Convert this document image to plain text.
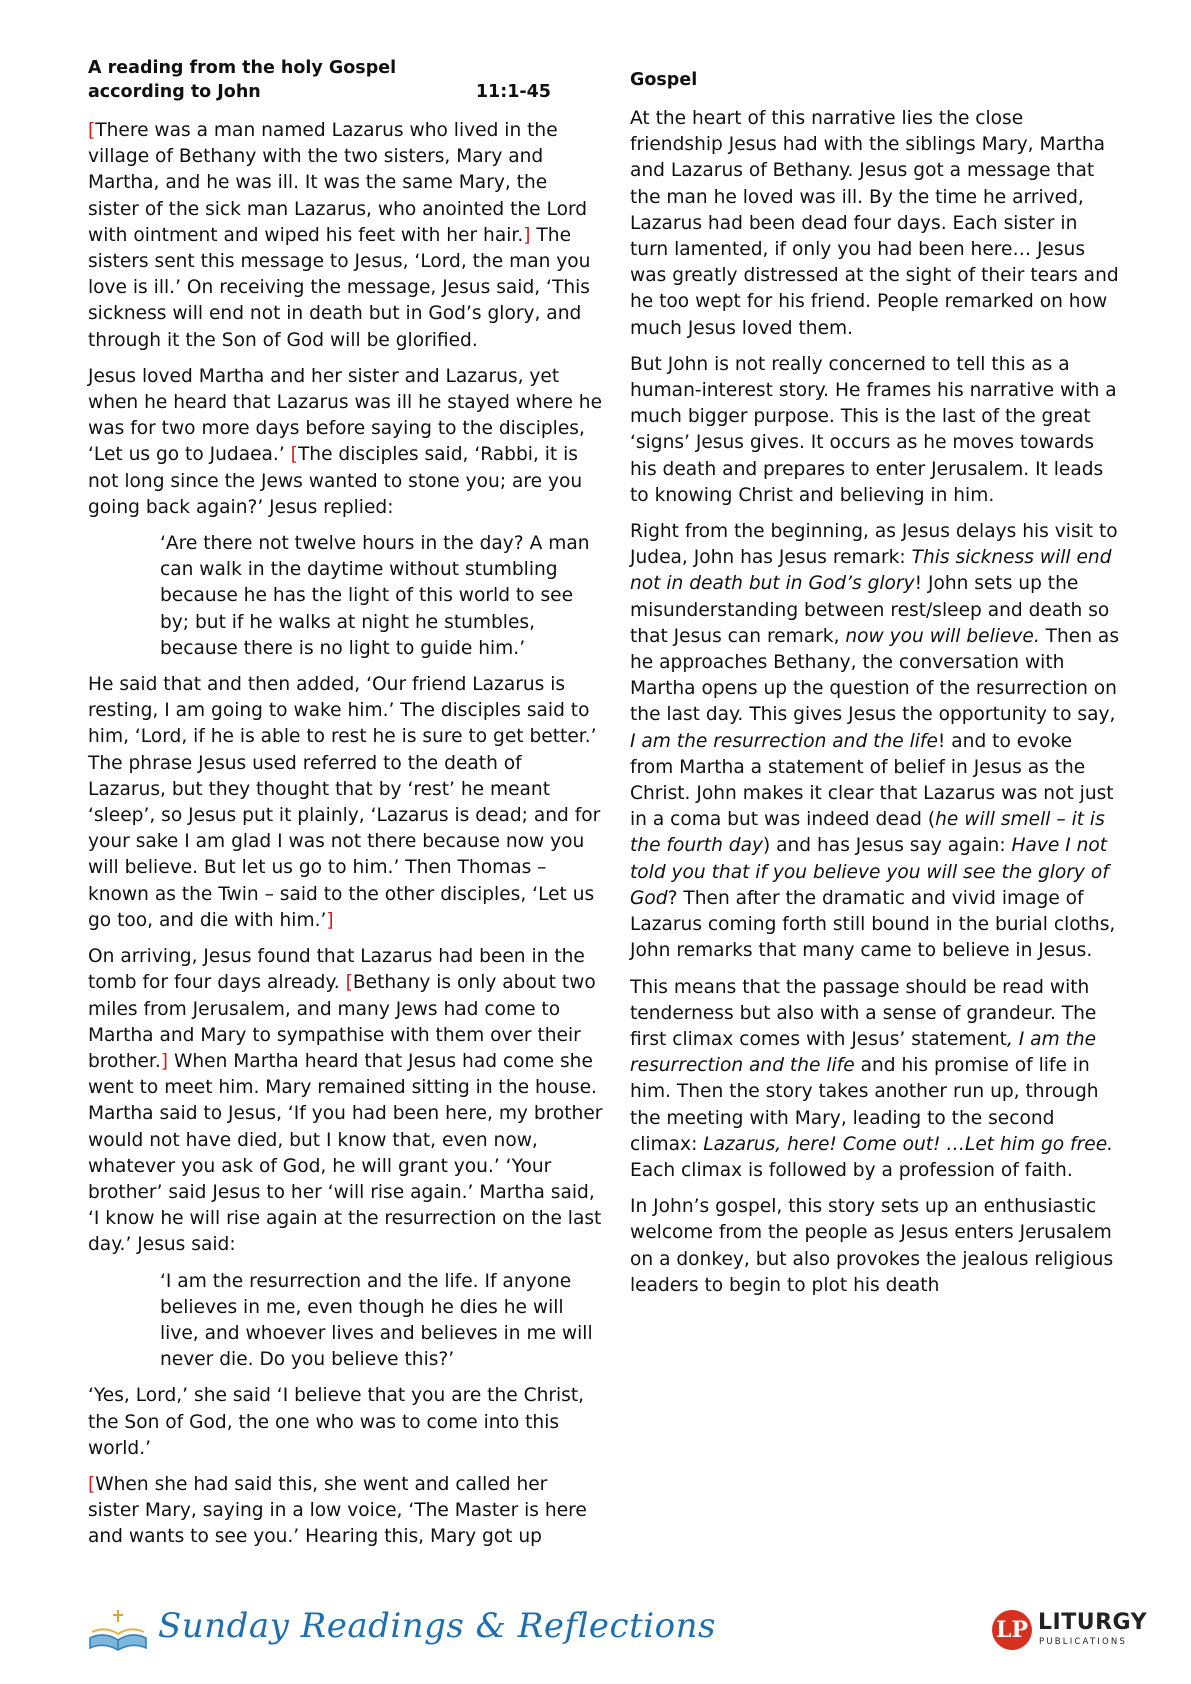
A reading from the holy Gospel
according to John	11:1-45

[There was a man named Lazarus who lived in the village of Bethany with the two sisters, Mary and Martha, and he was ill. It was the same Mary, the sister of the sick man Lazarus, who anointed the Lord with ointment and wiped his feet with her hair.] The sisters sent this message to Jesus, ‘Lord, the man you love is ill.’ On receiving the message, Jesus said, ‘This sickness will end not in death but in God’s glory, and through it the Son of God will be glorified.

Jesus loved Martha and her sister and Lazarus, yet when he heard that Lazarus was ill he stayed where he was for two more days before saying to the disciples, ‘Let us go to Judaea.’ [The disciples said, ‘Rabbi, it is not long since the Jews wanted to stone you; are you going back again?’ Jesus replied:

‘Are there not twelve hours in the day? A man can walk in the daytime without stumbling because he has the light of this world to see by; but if he walks at night he stumbles, because there is no light to guide him.’

He said that and then added, ‘Our friend Lazarus is resting, I am going to wake him.’ The disciples said to him, ‘Lord, if he is able to rest he is sure to get better.’ The phrase Jesus used referred to the death of Lazarus, but they thought that by ‘rest’ he meant ‘sleep’, so Jesus put it plainly, ‘Lazarus is dead; and for your sake I am glad I was not there because now you will believe. But let us go to him.’ Then Thomas – known as the Twin – said to the other disciples, ‘Let us go too, and die with him.’]

On arriving, Jesus found that Lazarus had been in the tomb for four days already. [Bethany is only about two miles from Jerusalem, and many Jews had come to Martha and Mary to sympathise with them over their brother.] When Martha heard that Jesus had come she went to meet him. Mary remained sitting in the house. Martha said to Jesus, ‘If you had been here, my brother would not have died, but I know that, even now, whatever you ask of God, he will grant you.’ ‘Your brother’ said Jesus to her ‘will rise again.’ Martha said, ‘I know he will rise again at the resurrection on the last day.’ Jesus said:

‘I am the resurrection and the life. If anyone believes in me, even though he dies he will live, and whoever lives and believes in me will never die. Do you believe this?’

‘Yes, Lord,’ she said ‘I believe that you are the Christ, the Son of God, the one who was to come into this world.’

[When she had said this, she went and called her sister Mary, saying in a low voice, ‘The Master is here and wants to see you.’ Hearing this, Mary got up

Gospel

At the heart of this narrative lies the close friendship Jesus had with the siblings Mary, Martha and Lazarus of Bethany. Jesus got a message that the man he loved was ill. By the time he arrived, Lazarus had been dead four days. Each sister in turn lamented, if only you had been here… Jesus was greatly distressed at the sight of their tears and he too wept for his friend. People remarked on how much Jesus loved them.

But John is not really concerned to tell this as a human-interest story. He frames his narrative with a much bigger purpose. This is the last of the great ‘signs’ Jesus gives. It occurs as he moves towards his death and prepares to enter Jerusalem. It leads to knowing Christ and believing in him.

Right from the beginning, as Jesus delays his visit to Judea, John has Jesus remark: This sickness will end not in death but in God’s glory! John sets up the misunderstanding between rest/sleep and death so that Jesus can remark, now you will believe. Then as he approaches Bethany, the conversation with Martha opens up the question of the resurrection on the last day. This gives Jesus the opportunity to say, I am the resurrection and the life! and to evoke from Martha a statement of belief in Jesus as the Christ. John makes it clear that Lazarus was not just in a coma but was indeed dead (he will smell – it is the fourth day) and has Jesus say again: Have I not told you that if you believe you will see the glory of God? Then after the dramatic and vivid image of Lazarus coming forth still bound in the burial cloths, John remarks that many came to believe in Jesus.

This means that the passage should be read with tenderness but also with a sense of grandeur. The first climax comes with Jesus’ statement, I am the resurrection and the life and his promise of life in him. Then the story takes another run up, through the meeting with Mary, leading to the second climax: Lazarus, here! Come out! …Let him go free. Each climax is followed by a profession of faith.

In John’s gospel, this story sets up an enthusiastic welcome from the people as Jesus enters Jerusalem on a donkey, but also provokes the jealous religious leaders to begin to plot his death

Sunday Readings & Reflections	LP LITURGY
PUBLICATIONS
